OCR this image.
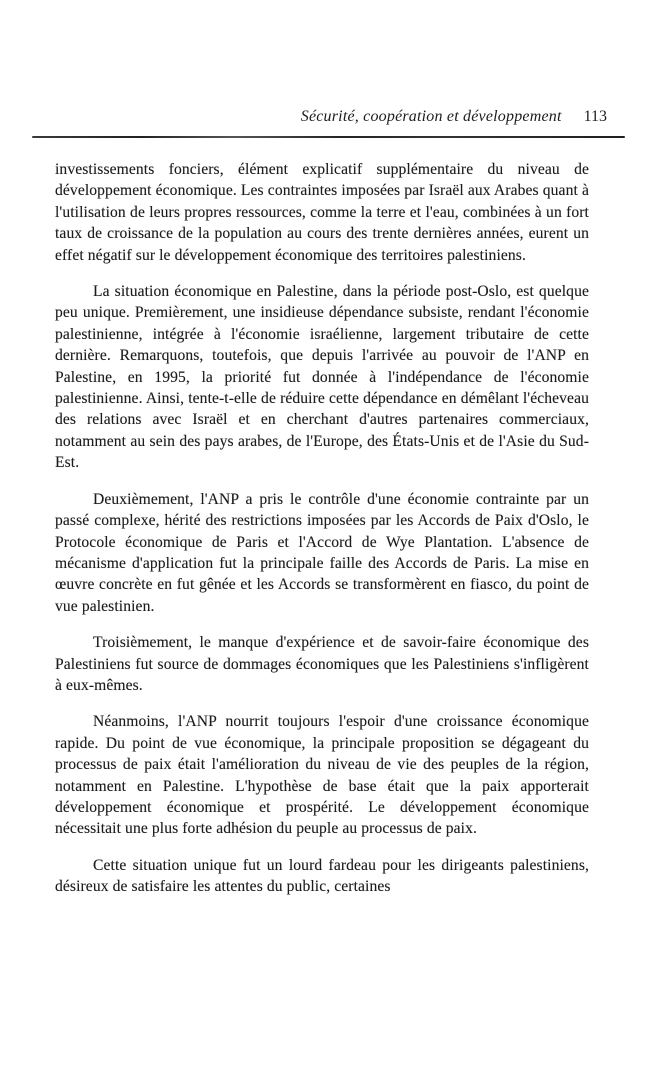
Sécurité, coopération et développement 113

investissements fonciers, élément explicatif supplémentaire du niveau de développement économique. Les contraintes imposées par Israël aux Arabes quant à l'utilisation de leurs propres ressources, comme la terre et l'eau, combinées à un fort taux de croissance de la population au cours des trente dernières années, eurent un effet négatif sur le développement économique des territoires palestiniens.

La situation économique en Palestine, dans la période post-Oslo, est quelque peu unique. Premièrement, une insidieuse dépendance subsiste, rendant l'économie palestinienne, intégrée à l'économie israélienne, largement tributaire de cette dernière. Remarquons, toutefois, que depuis l'arrivée au pouvoir de l'ANP en Palestine, en 1995, la priorité fut donnée à l'indépendance de l'économie palestinienne. Ainsi, tente-t-elle de réduire cette dépendance en démêlant l'écheveau des relations avec Israël et en cherchant d'autres partenaires commerciaux, notamment au sein des pays arabes, de l'Europe, des États-Unis et de l'Asie du Sud-Est.

Deuxièmement, l'ANP a pris le contrôle d'une économie contrainte par un passé complexe, hérité des restrictions imposées par les Accords de Paix d'Oslo, le Protocole économique de Paris et l'Accord de Wye Plantation. L'absence de mécanisme d'application fut la principale faille des Accords de Paris. La mise en œuvre concrète en fut gênée et les Accords se transformèrent en fiasco, du point de vue palestinien.

Troisièmement, le manque d'expérience et de savoir-faire économique des Palestiniens fut source de dommages économiques que les Palestiniens s'infligèrent à eux-mêmes.

Néanmoins, l'ANP nourrit toujours l'espoir d'une croissance économique rapide. Du point de vue économique, la principale proposition se dégageant du processus de paix était l'amélioration du niveau de vie des peuples de la région, notamment en Palestine. L'hypothèse de base était que la paix apporterait développement économique et prospérité. Le développement économique nécessitait une plus forte adhésion du peuple au processus de paix.

Cette situation unique fut un lourd fardeau pour les dirigeants palestiniens, désireux de satisfaire les attentes du public, certaines
